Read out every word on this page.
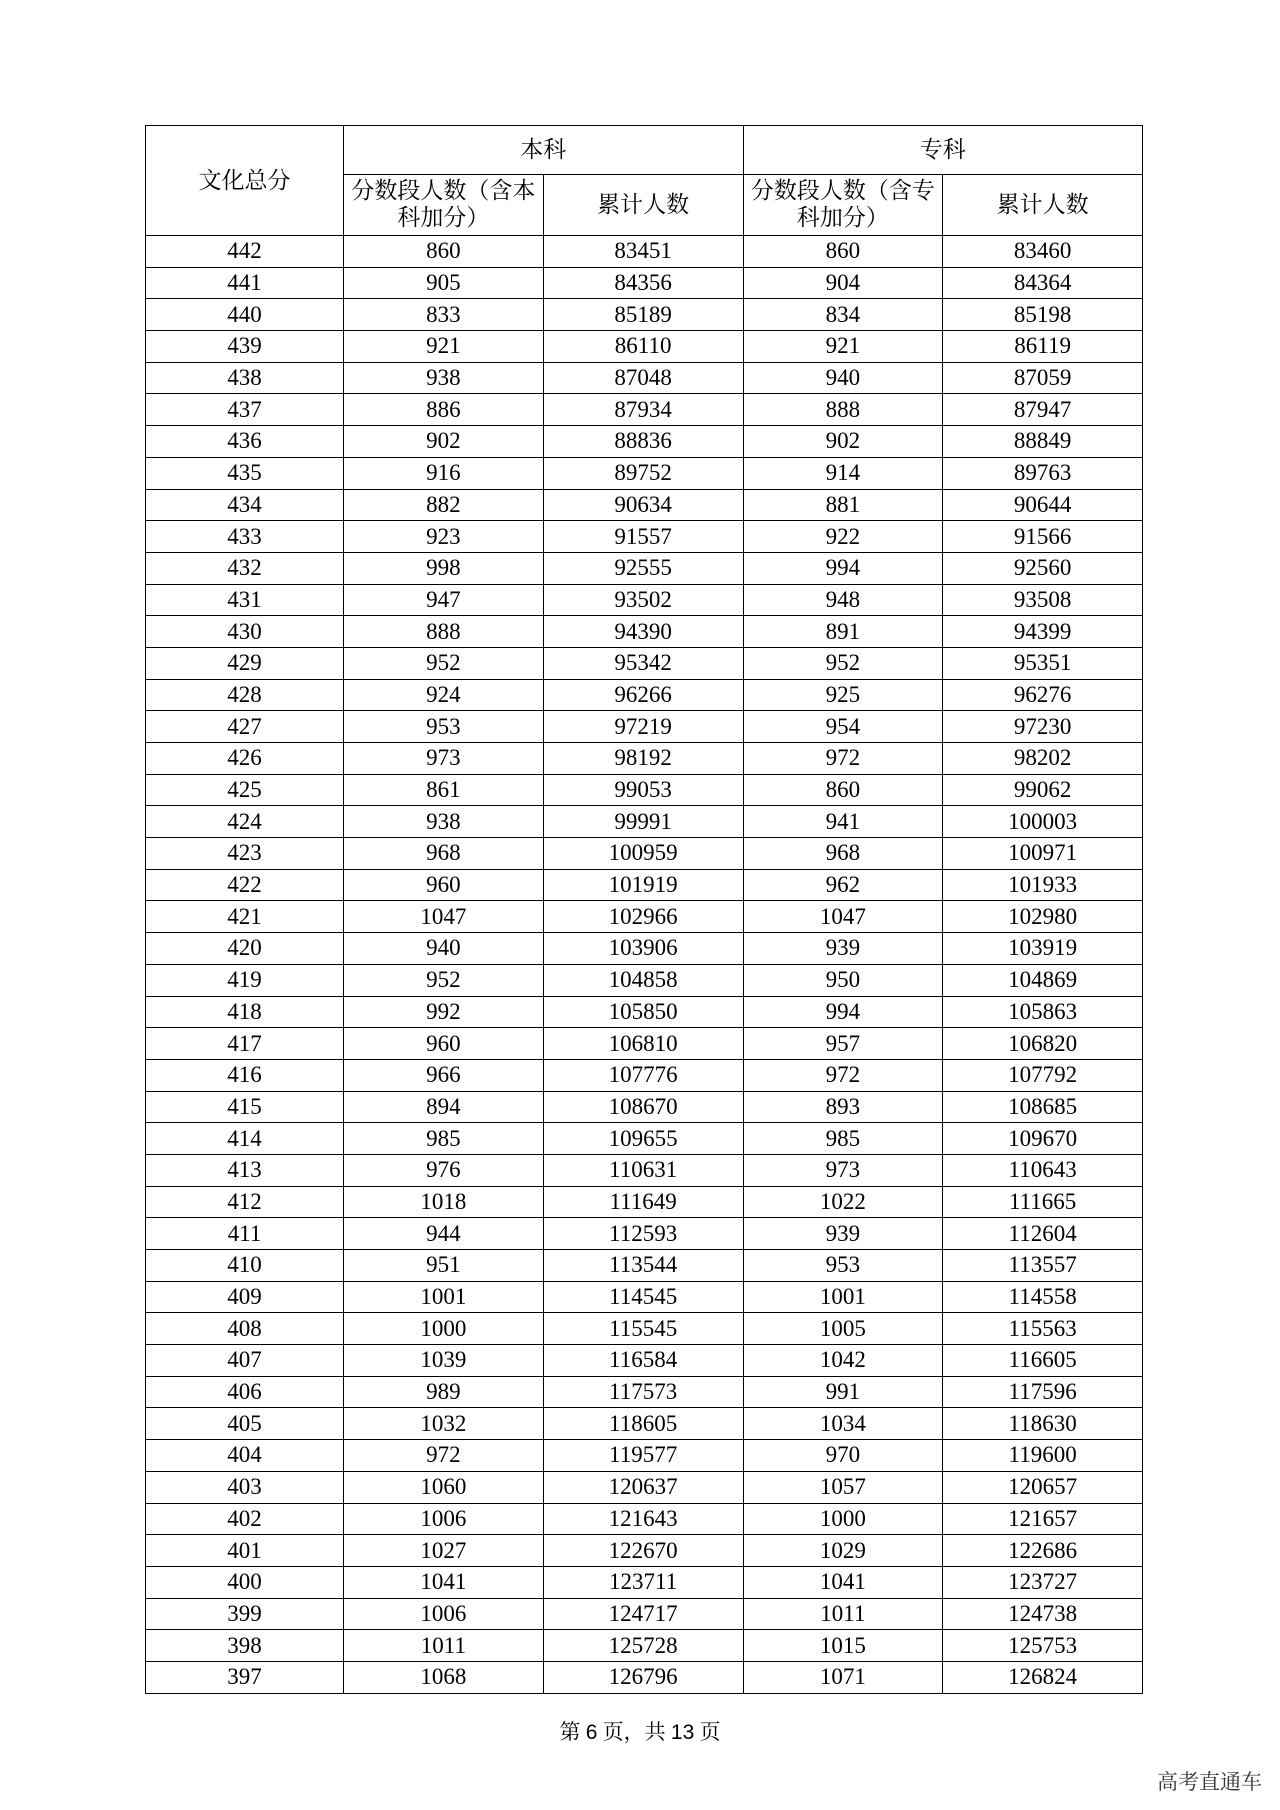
文化总分	本科		专科	
	分数段人数（含本科加分）	累计人数	分数段人数（含专科加分）	累计人数
442	860	83451	860	83460
441	905	84356	904	84364
440	833	85189	834	85198
439	921	86110	921	86119
438	938	87048	940	87059
437	886	87934	888	87947
436	902	88836	902	88849
435	916	89752	914	89763
434	882	90634	881	90644
433	923	91557	922	91566
432	998	92555	994	92560
431	947	93502	948	93508
430	888	94390	891	94399
429	952	95342	952	95351
428	924	96266	925	96276
427	953	97219	954	97230
426	973	98192	972	98202
425	861	99053	860	99062
424	938	99991	941	100003
423	968	100959	968	100971
422	960	101919	962	101933
421	1047	102966	1047	102980
420	940	103906	939	103919
419	952	104858	950	104869
418	992	105850	994	105863
417	960	106810	957	106820
416	966	107776	972	107792
415	894	108670	893	108685
414	985	109655	985	109670
413	976	110631	973	110643
412	1018	111649	1022	111665
411	944	112593	939	112604
410	951	113544	953	113557
409	1001	114545	1001	114558
408	1000	115545	1005	115563
407	1039	116584	1042	116605
406	989	117573	991	117596
405	1032	118605	1034	118630
404	972	119577	970	119600
403	1060	120637	1057	120657
402	1006	121643	1000	121657
401	1027	122670	1029	122686
400	1041	123711	1041	123727
399	1006	124717	1011	124738
398	1011	125728	1015	125753
397	1068	126796	1071	126824
第 6 页，共 13 页
高考直通车
